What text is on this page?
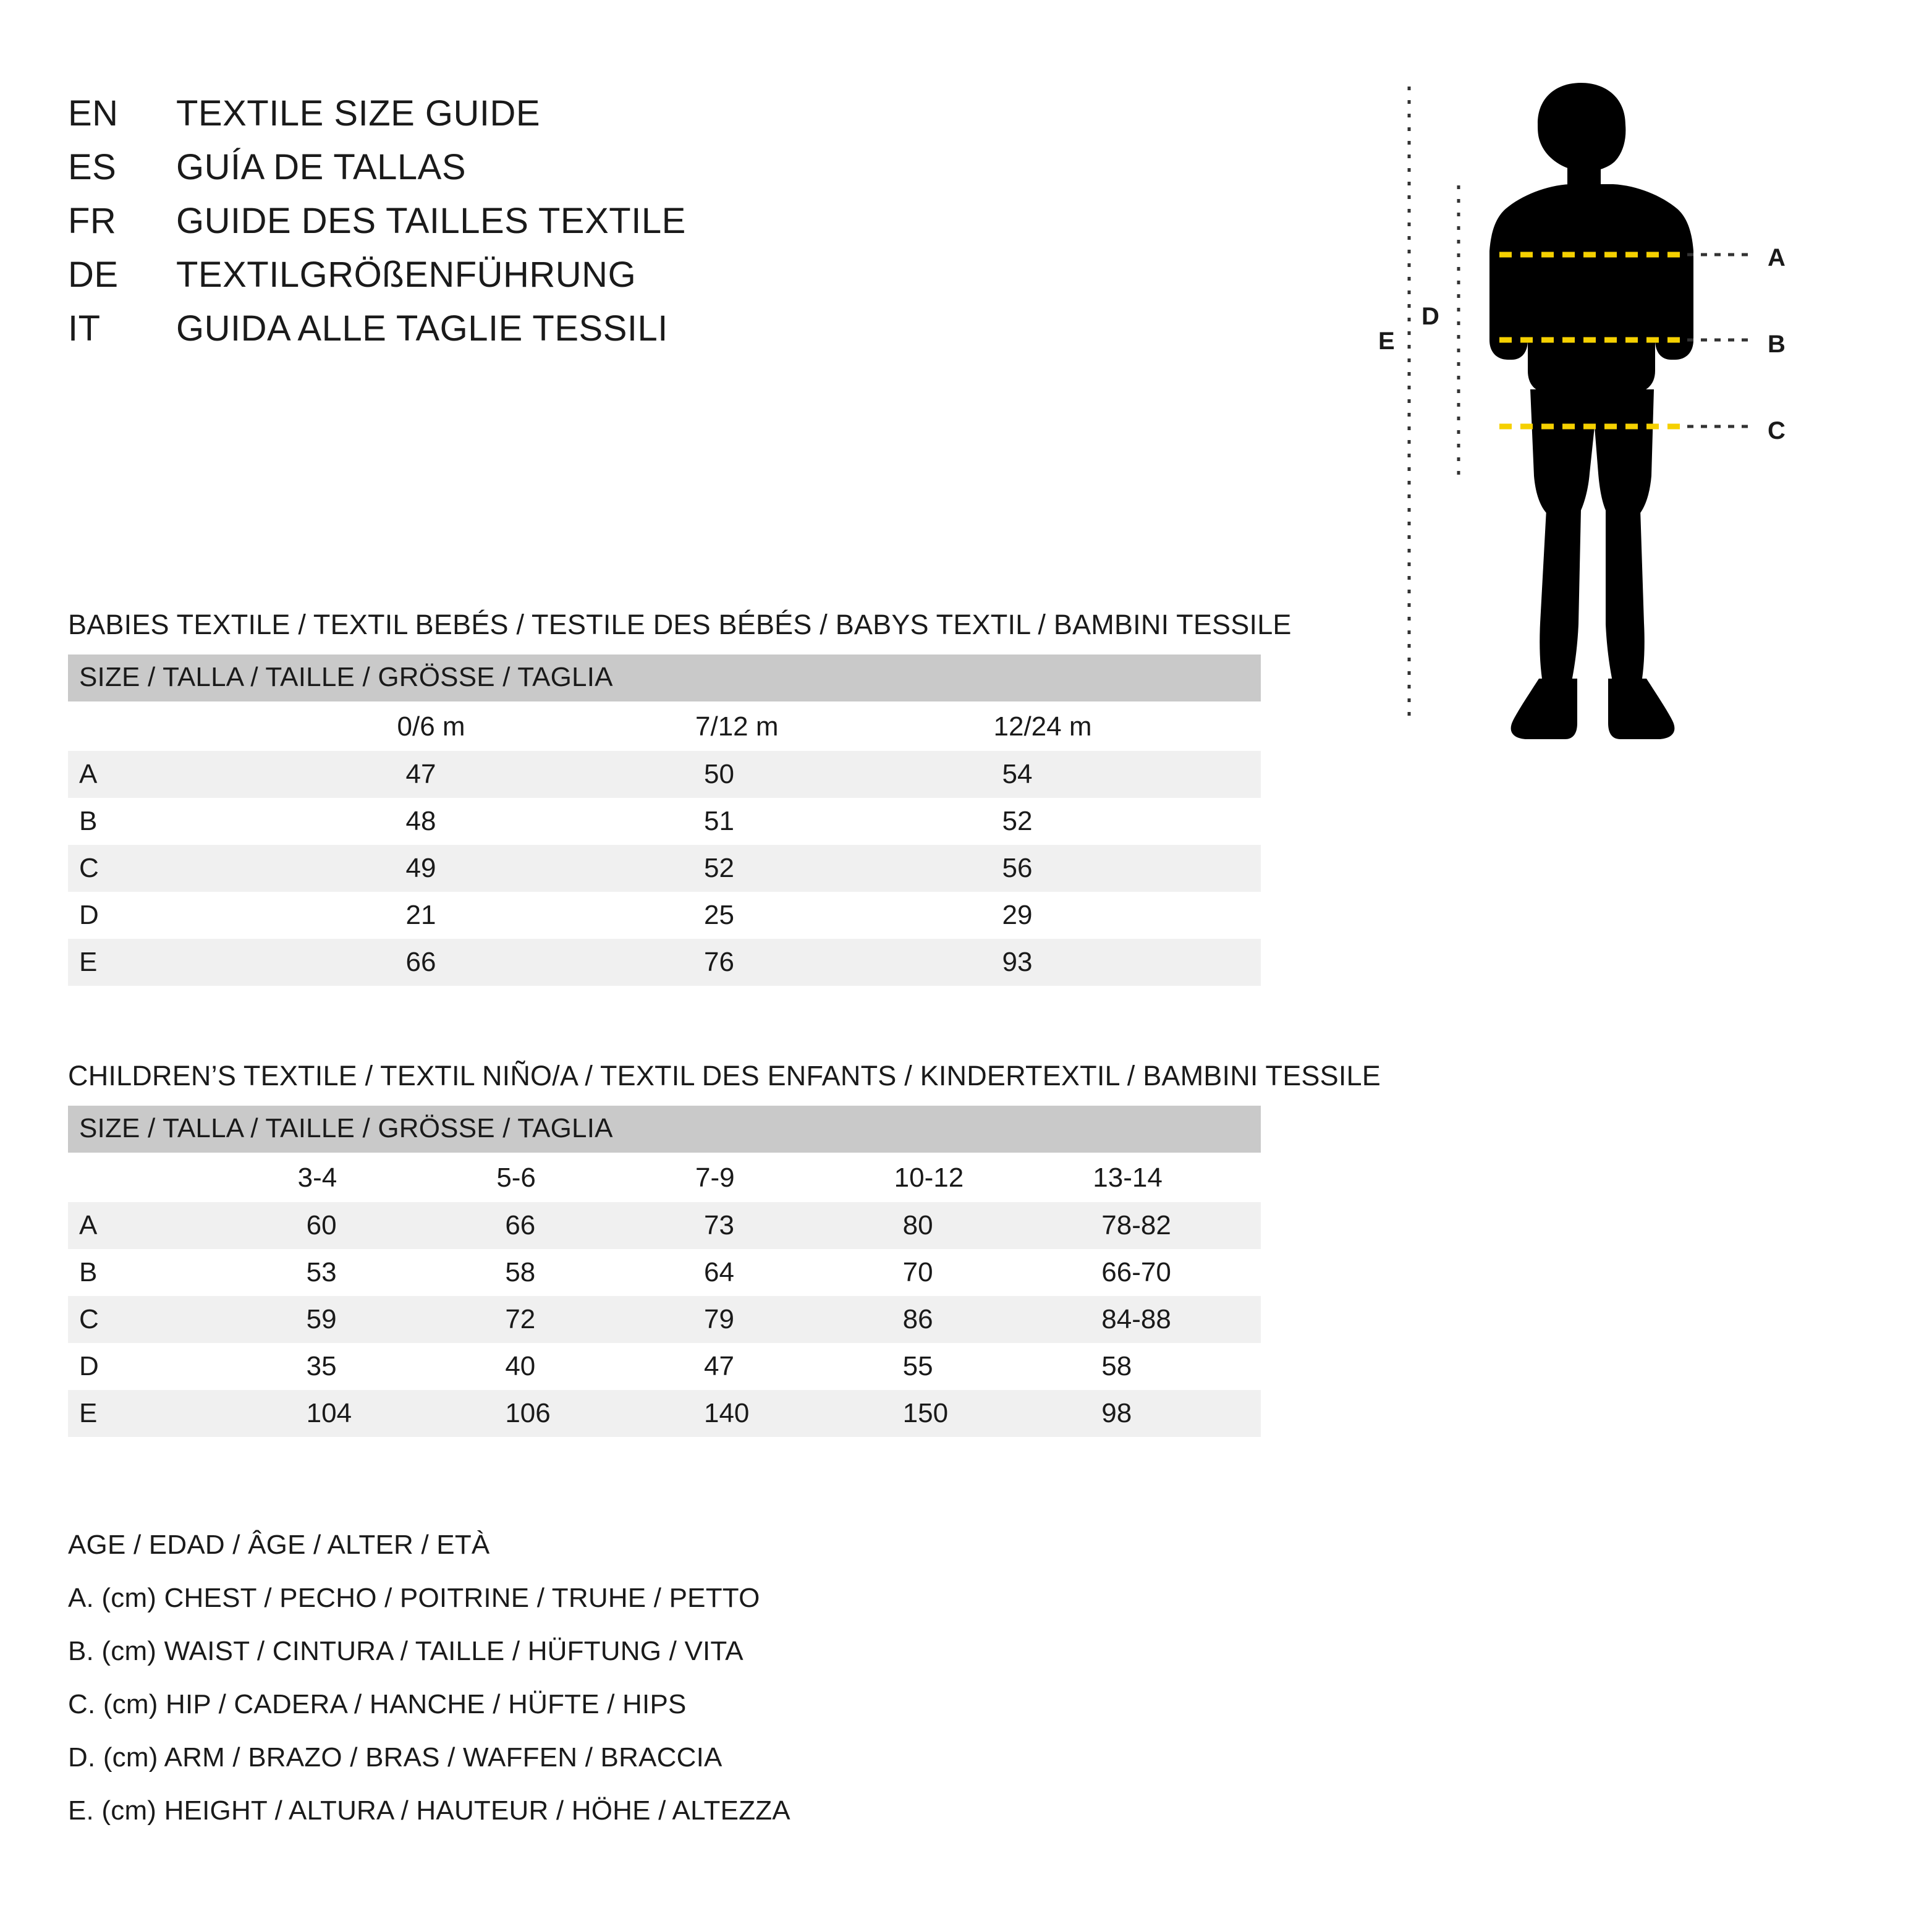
EN	TEXTILE SIZE GUIDE
ES	GUÍA DE TALLAS
FR	GUIDE DES TAILLES TEXTILE
DE	TEXTILGRÖßENFÜHRUNG
IT	GUIDA ALLE TAGLIE TESSILI
BABIES TEXTILE / TEXTIL BEBÉS / TESTILE DES BÉBÉS / BABYS TEXTIL / BAMBINI TESSILE
SIZE / TALLA / TAILLE / GRÖSSE / TAGLIA			
	0/6 m	7/12 m	12/24 m
A	47	50	54
B	48	51	52
C	49	52	56
D	21	25	29
E	66	76	93
CHILDREN’S TEXTILE / TEXTIL NIÑO/A / TEXTIL DES ENFANTS / KINDERTEXTIL / BAMBINI TESSILE
SIZE / TALLA / TAILLE / GRÖSSE / TAGLIA					
	3-4	5-6	7-9	10-12	13-14
A	60	66	73	80	78-82
B	53	58	64	70	66-70
C	59	72	79	86	84-88
D	35	40	47	55	58
E	104	106	140	150	98
AGE / EDAD / ÂGE / ALTER / ETÀ
A. (cm) CHEST / PECHO / POITRINE / TRUHE / PETTO
B. (cm) WAIST / CINTURA / TAILLE / HÜFTUNG / VITA
C. (cm) HIP / CADERA / HANCHE / HÜFTE / HIPS
D. (cm) ARM / BRAZO / BRAS / WAFFEN / BRACCIA
E. (cm) HEIGHT / ALTURA / HAUTEUR / HÖHE / ALTEZZA
A
B
C
D
E
